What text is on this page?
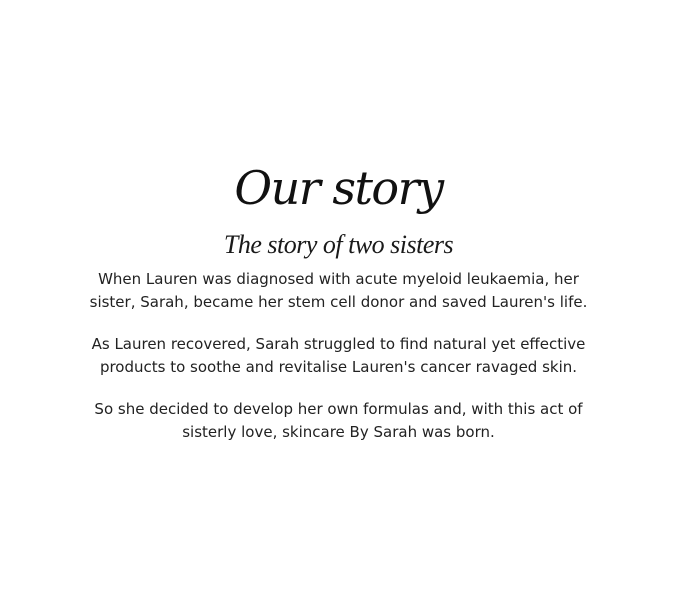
Our story
The story of two sisters

When Lauren was diagnosed with acute myeloid leukaemia, her sister, Sarah, became her stem cell donor and saved Lauren's life.

As Lauren recovered, Sarah struggled to find natural yet effective products to soothe and revitalise Lauren's cancer ravaged skin.

So she decided to develop her own formulas and, with this act of sisterly love, skincare By Sarah was born.
